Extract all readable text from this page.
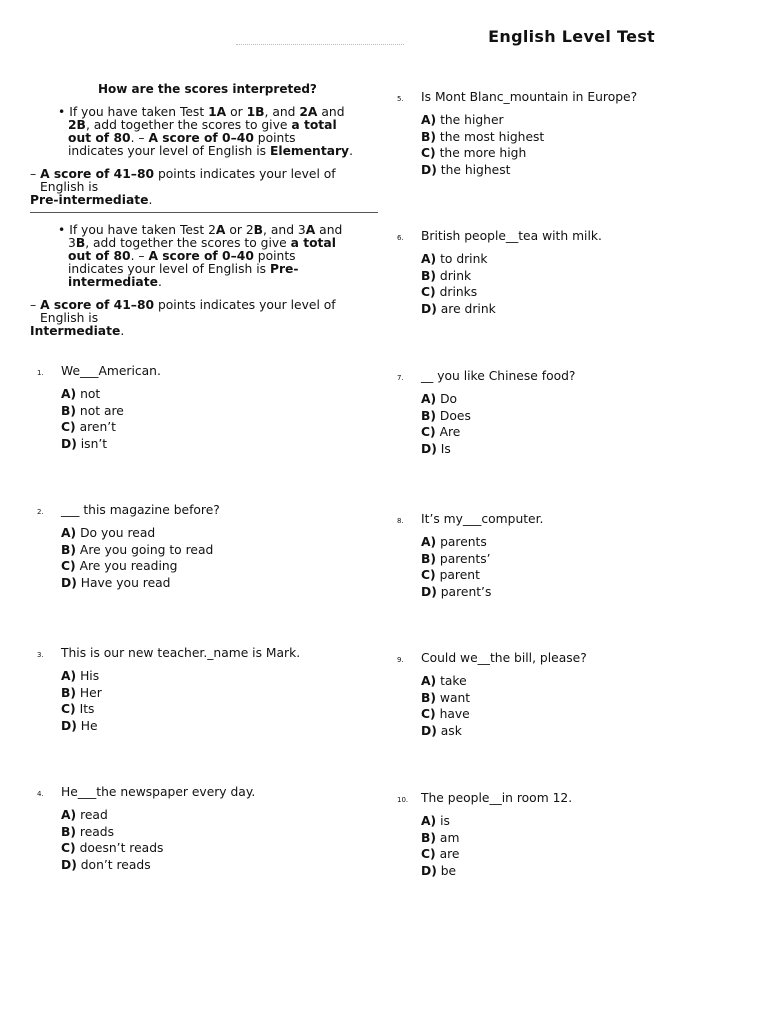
English Level Test
How are the scores interpreted?
• If you have taken Test 1A or 1B, and 2A and
2B, add together the scores to give a total
out of 80. – A score of 0–40 points
indicates your level of English is Elementary.
– A score of 41–80 points indicates your level of
English is
Pre-intermediate.
• If you have taken Test 2A or 2B, and 3A and
3B, add together the scores to give a total
out of 80. – A score of 0–40 points
indicates your level of English is Pre-
intermediate.
– A score of 41–80 points indicates your level of
English is
Intermediate.
1. We___American.
A) not
B) not are
C) aren’t
D) isn’t
2. ___ this magazine before?
A) Do you read
B) Are you going to read
C) Are you reading
D) Have you read
3. This is our new teacher._name is Mark.
A) His
B) Her
C) Its
D) He
4. He___the newspaper every day.
A) read
B) reads
C) doesn’t reads
D) don’t reads
5. Is Mont Blanc_mountain in Europe?
A) the higher
B) the most highest
C) the more high
D) the highest
6. British people__tea with milk.
A) to drink
B) drink
C) drinks
D) are drink
7. __ you like Chinese food?
A) Do
B) Does
C) Are
D) Is
8. It’s my___computer.
A) parents
B) parents’
C) parent
D) parent’s
9. Could we__the bill, please?
A) take
B) want
C) have
D) ask
10. The people__in room 12.
A) is
B) am
C) are
D) be
